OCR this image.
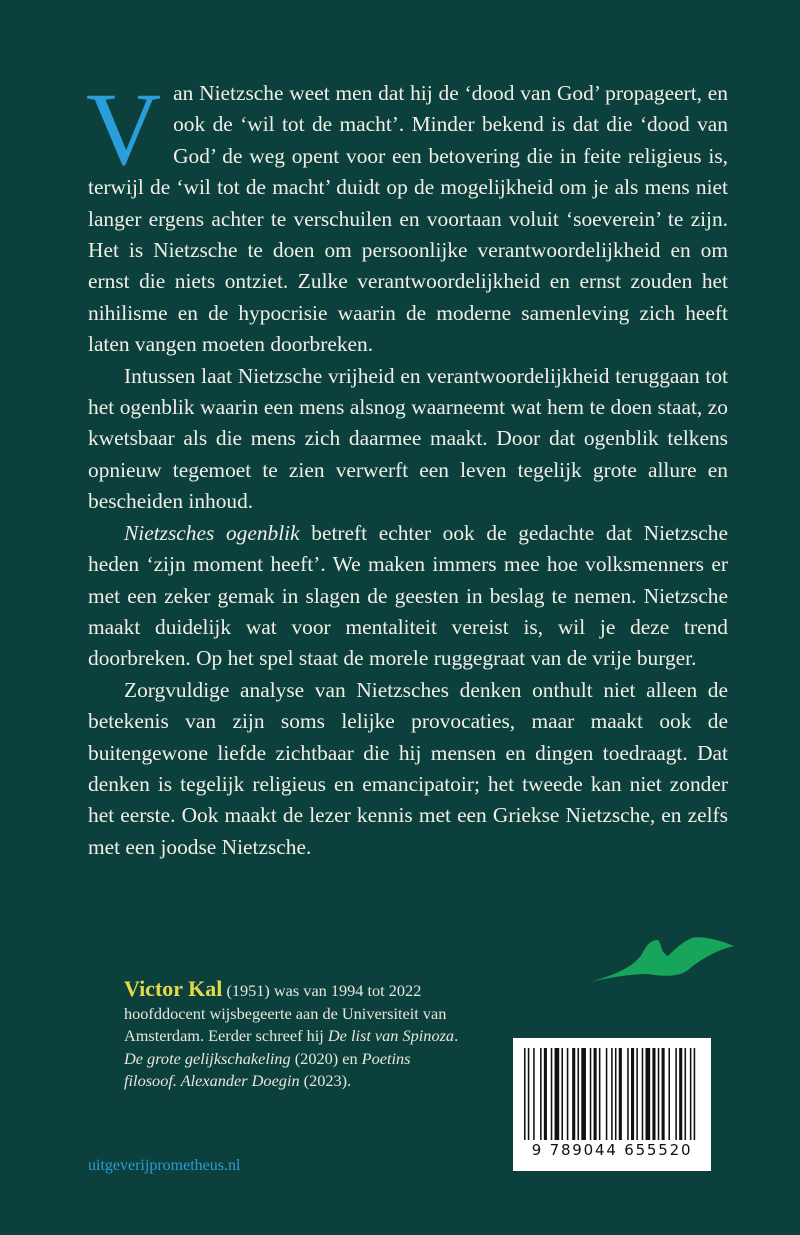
Van Nietzsche weet men dat hij de ‘dood van God’ propageert, en ook de ‘wil tot de macht’. Minder bekend is dat die ‘dood van God’ de weg opent voor een betovering die in feite religieus is, terwijl de ‘wil tot de macht’ duidt op de mogelijkheid om je als mens niet langer ergens achter te verschuilen en voortaan voluit ‘soeverein’ te zijn. Het is Nietzsche te doen om persoonlijke verantwoordelijkheid en om ernst die niets ontziet. Zulke verantwoordelijkheid en ernst zouden het nihilisme en de hypocrisie waarin de moderne samenleving zich heeft laten vangen moeten doorbreken.

Intussen laat Nietzsche vrijheid en verantwoordelijkheid teruggaan tot het ogenblik waarin een mens alsnog waarneemt wat hem te doen staat, zo kwetsbaar als die mens zich daarmee maakt. Door dat ogenblik telkens opnieuw tegemoet te zien verwerft een leven tegelijk grote allure en bescheiden inhoud.

Nietzsches ogenblik betreft echter ook de gedachte dat Nietzsche heden ‘zijn moment heeft’. We maken immers mee hoe volksmenners er met een zeker gemak in slagen de geesten in beslag te nemen. Nietzsche maakt duidelijk wat voor mentaliteit vereist is, wil je deze trend doorbreken. Op het spel staat de morele ruggegraat van de vrije burger.

Zorgvuldige analyse van Nietzsches denken onthult niet alleen de betekenis van zijn soms lelijke provocaties, maar maakt ook de buitengewone liefde zichtbaar die hij mensen en dingen toedraagt. Dat denken is tegelijk religieus en emancipatoir; het tweede kan niet zonder het eerste. Ook maakt de lezer kennis met een Griekse Nietzsche, en zelfs met een joodse Nietzsche.

Victor Kal (1951) was van 1994 tot 2022 hoofddocent wijsbegeerte aan de Universiteit van Amsterdam. Eerder schreef hij De list van Spinoza. De grote gelijkschakeling (2020) en Poetins filosoof. Alexander Doegin (2023).

uitgeverijprometheus.nl
9 789044 655520
